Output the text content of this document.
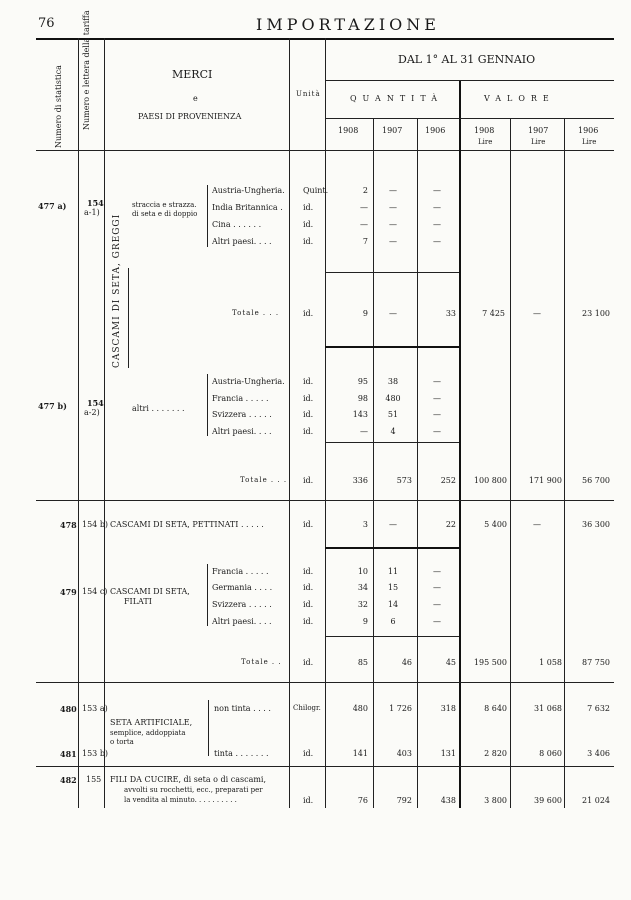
76	IMPORTAZIONE
Numero di statistica Numero e lettera della tariffa	MERCI
e
PAESI DI PROVENIENZA
Unità
DAL 1° AL 31 GENNAIO
QUANTITÀ	VALORE
1908	1907	1906	1908	1907	1906
Lire	Lire	Lire
CASCAMI DI SETA, GREGGI
477 a)	154
a-1)
straccia e strazza. di seta e di doppio
Austria-Ungheria. Quint.	2	—	—
India Britannica .	id.	—	—	—
Cina . . . . . .	id.	—	—	—
Altri paesi. . . .	id.	7	—	—
Totale . . .	id.	9	—	33	7 425	—	23 100
477 b)	154
a-2)	altri . . . . . . .
Austria-Ungheria. id.	95	38	—
Francia . . . . .	id.	98	480	—
Svizzera . . . . .	id.	143	51	—
Altri paesi. . . .	id.	—	4	—
Totale . . . id.	336	573	252	100 800	171 900	56 700
478 154 b) CASCAMI DI SETA, PETTINATI . . . . .	id.	3	—	22	5 400	—	36 300
479 154 c) CASCAMI DI SETA,
FILATI
Francia . . . . .	id.	10	11	—
Germania . . . .	id.	34	15	—
Svizzera . . . . .	id.	32	14	—
Altri paesi. . . .	id.	9	6	—
Totale . .	id.	85	46	45	195 500	1 058	87 750
480 153 a)	non tinta . . . .	Chilogr.	480	1 726	318	8 640	31 068	7 632
SETA ARTIFICIALE,
semplice, addoppiata
o torta
481 153 b)	tinta . . . . . . .	id.	141	403	131	2 820	8 060	3 406
482 155 FILI DA CUCIRE, di seta o di cascami,
avvolti su rocchetti, ecc., preparati per
la vendita al minuto. . . . . . . . . .	id.	76	792	438	3 800	39 600	21 024
